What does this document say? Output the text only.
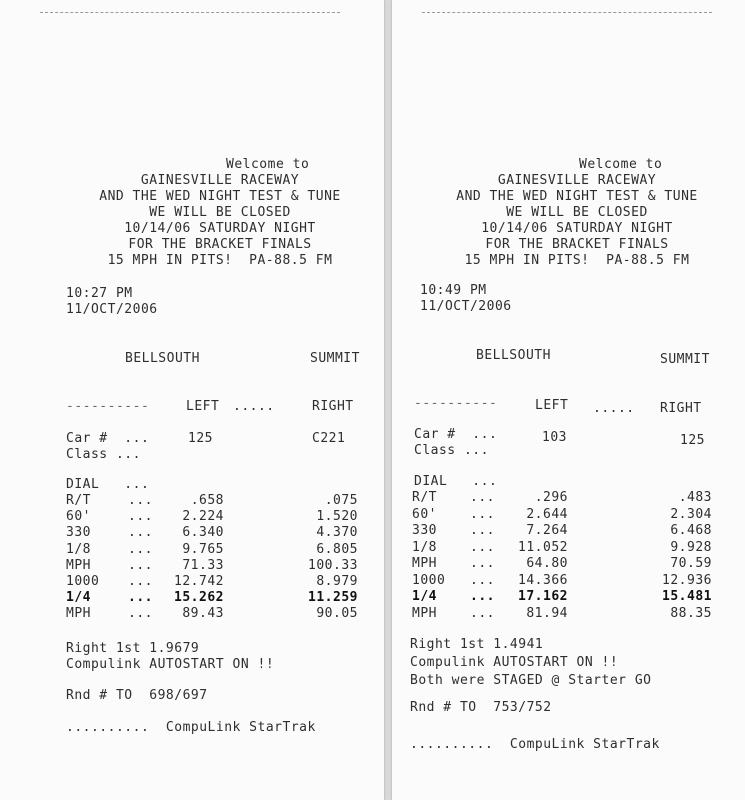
Welcome to
GAINESVILLE RACEWAY
AND THE WED NIGHT TEST & TUNE
WE WILL BE CLOSED
10/14/06 SATURDAY NIGHT
FOR THE BRACKET FINALS
15 MPH IN PITS!  PA-88.5 FM
10:27 PM
11/OCT/2006
BELLSOUTH	SUMMIT
----------	LEFT .....	RIGHT
Car #  ...	125	C221
Class ...
DIAL   ...
R/T	...	.658	.075
60'	... 2.224	1.520
330	... 6.340	4.370
1/8	... 9.765	6.805
MPH	... 71.33	100.33
1000 ... 12.742	8.979
1/4	... 15.262	11.259
MPH	... 89.43	90.05
Right 1st 1.9679
Compulink AUTOSTART ON !!
Rnd # TO  698/697
..........  CompuLink StarTrak
Welcome to
GAINESVILLE RACEWAY
AND THE WED NIGHT TEST & TUNE
WE WILL BE CLOSED
10/14/06 SATURDAY NIGHT
FOR THE BRACKET FINALS
15 MPH IN PITS!  PA-88.5 FM
10:49 PM
11/OCT/2006
BELLSOUTH	SUMMIT
----------	LEFT ..... RIGHT
Car #  ...	103	125
Class ...
DIAL   ...
R/T	...	.296	.483
60'	... 2.644	2.304
330	... 7.264	6.468
1/8	... 11.052	9.928
MPH	... 64.80	70.59
1000 ... 14.366	12.936
1/4	... 17.162	15.481
MPH	... 81.94	88.35
Right 1st 1.4941
Compulink AUTOSTART ON !!
Both were STAGED @ Starter GO
Rnd # TO  753/752
..........  CompuLink StarTrak
